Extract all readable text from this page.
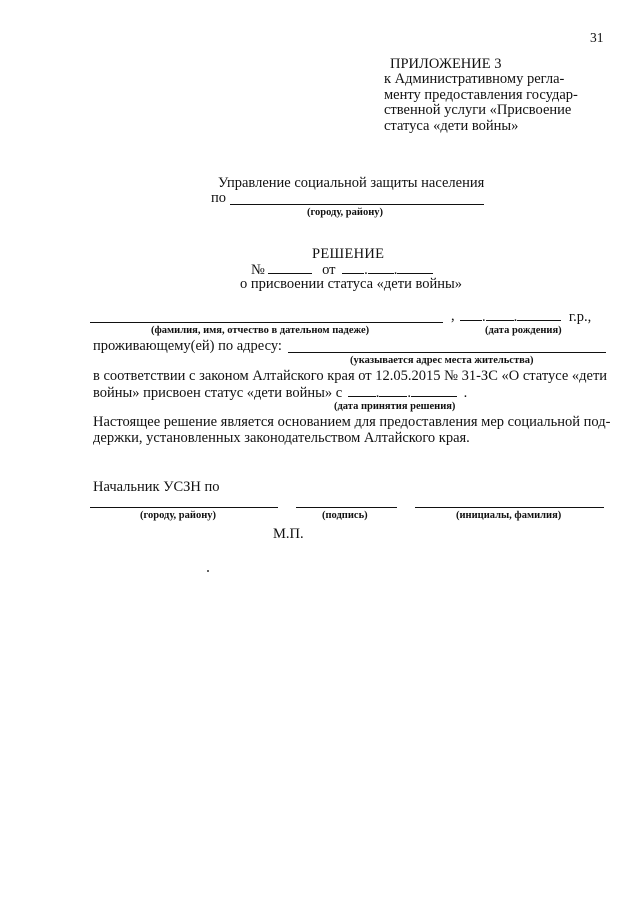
31
ПРИЛОЖЕНИЕ 3
к Административному регла-
менту предоставления государ-
ственной услуги «Присвоение
статуса «дети войны»
Управление социальной защиты населения
по
(городу, району)
РЕШЕНИЕ
№	от . .
о присвоении статуса «дети войны»
,	. .	г.р.,
(фамилия, имя, отчество в дательном падеже)	(дата рождения)
проживающему(ей) по адресу:
(указывается адрес места жительства)
в соответствии с законом Алтайского края от 12.05.2015 № 31-ЗС «О статусе «дети
войны» присвоен статус «дети войны» с . .	.
(дата принятия решения)
Настоящее решение является основанием для предоставления мер социальной под-
держки, установленных законодательством Алтайского края.
Начальник УСЗН по
(городу, району)	(подпись)	(инициалы, фамилия)
М.П.
